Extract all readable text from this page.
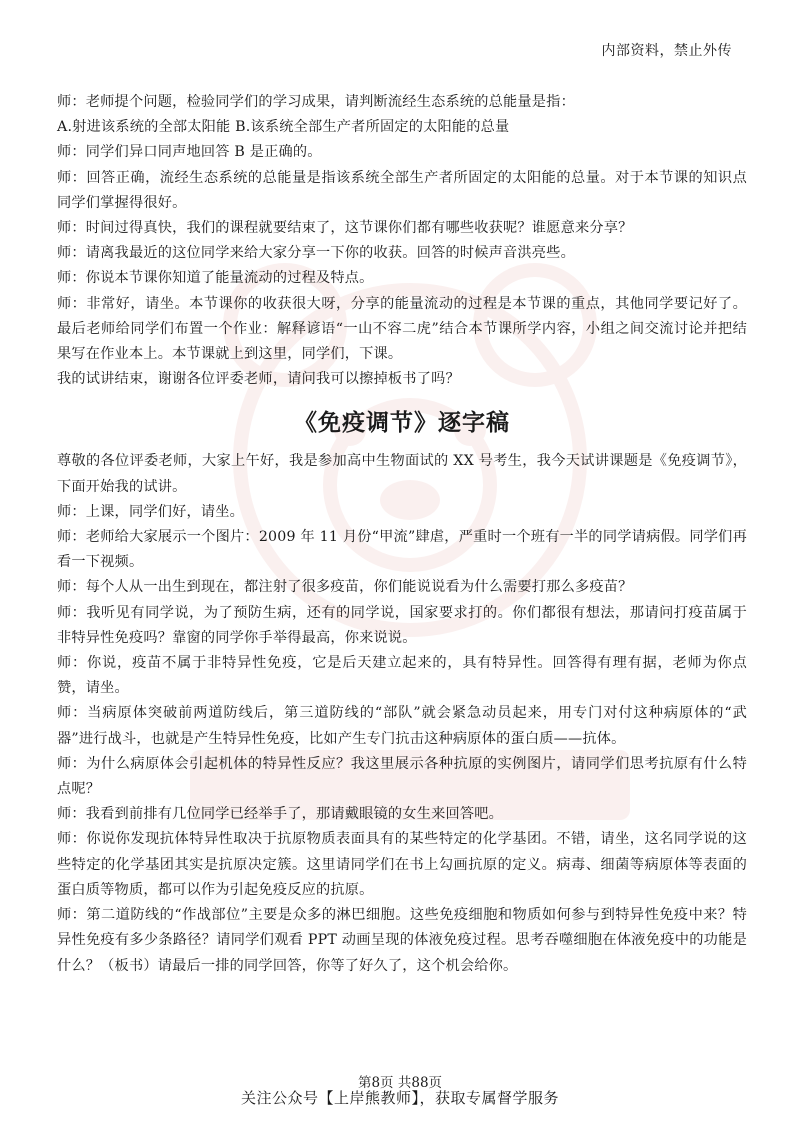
内部资料，禁止外传

师：老师提个问题，检验同学们的学习成果，请判断流经生态系统的总能量是指：

A.射进该系统的全部太阳能 B.该系统全部生产者所固定的太阳能的总量

师：同学们异口同声地回答 B 是正确的。

师：回答正确，流经生态系统的总能量是指该系统全部生产者所固定的太阳能的总量。对于本节课的知识点同学们掌握得很好。

师：时间过得真快，我们的课程就要结束了，这节课你们都有哪些收获呢？谁愿意来分享？

师：请离我最近的这位同学来给大家分享一下你的收获。回答的时候声音洪亮些。

师：你说本节课你知道了能量流动的过程及特点。

师：非常好，请坐。本节课你的收获很大呀，分享的能量流动的过程是本节课的重点，其他同学要记好了。最后老师给同学们布置一个作业：解释谚语“一山不容二虎”结合本节课所学内容，小组之间交流讨论并把结果写在作业本上。本节课就上到这里，同学们，下课。

我的试讲结束，谢谢各位评委老师，请问我可以擦掉板书了吗？

《免疫调节》逐字稿

尊敬的各位评委老师，大家上午好，我是参加高中生物面试的 XX 号考生，我今天试讲课题是《免疫调节》，下面开始我的试讲。

师：上课，同学们好，请坐。

师：老师给大家展示一个图片：2009 年 11 月份“甲流”肆虐，严重时一个班有一半的同学请病假。同学们再看一下视频。

师：每个人从一出生到现在，都注射了很多疫苗，你们能说说看为什么需要打那么多疫苗？

师：我听见有同学说，为了预防生病，还有的同学说，国家要求打的。你们都很有想法，那请问打疫苗属于非特异性免疫吗？靠窗的同学你手举得最高，你来说说。

师：你说，疫苗不属于非特异性免疫，它是后天建立起来的，具有特异性。回答得有理有据，老师为你点赞，请坐。

师：当病原体突破前两道防线后，第三道防线的“部队”就会紧急动员起来，用专门对付这种病原体的“武器”进行战斗，也就是产生特异性免疫，比如产生专门抗击这种病原体的蛋白质——抗体。

师：为什么病原体会引起机体的特异性反应？我这里展示各种抗原的实例图片，请同学们思考抗原有什么特点呢？

师：我看到前排有几位同学已经举手了，那请戴眼镜的女生来回答吧。

师：你说你发现抗体特异性取决于抗原物质表面具有的某些特定的化学基团。不错，请坐，这名同学说的这些特定的化学基团其实是抗原决定簇。这里请同学们在书上勾画抗原的定义。病毒、细菌等病原体等表面的蛋白质等物质，都可以作为引起免疫反应的抗原。

师：第二道防线的“作战部位”主要是众多的淋巴细胞。这些免疫细胞和物质如何参与到特异性免疫中来？特异性免疫有多少条路径？请同学们观看 PPT 动画呈现的体液免疫过程。思考吞噬细胞在体液免疫中的功能是什么？（板书）请最后一排的同学回答，你等了好久了，这个机会给你。

第8页 共88页
关注公众号【上岸熊教师】，获取专属督学服务
